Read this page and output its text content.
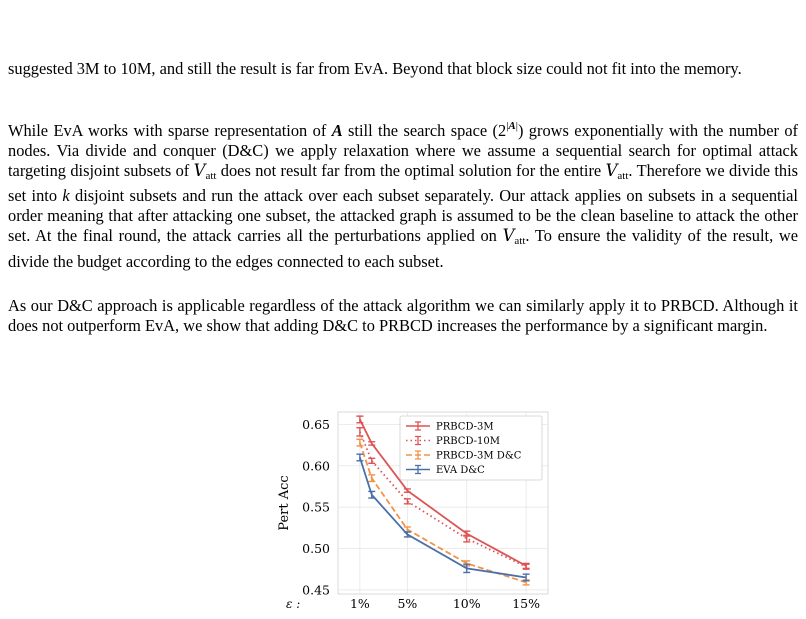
suggested 3M to 10M, and still the result is far from EvA. Beyond that block size could not fit into the memory.

While EvA works with sparse representation of A still the search space $(2^{|A|})$ grows exponentially with the number of nodes. Via divide and conquer (D&C) we apply relaxation where we assume a sequential search for optimal attack targeting disjoint subsets of $V_{att}$ does not result far from the optimal solution for the entire $V_{att}$. Therefore we divide this set into k disjoint subsets and run the attack over each subset separately. Our attack applies on subsets in a sequential order meaning that after attacking one subset, the attacked graph is assumed to be the clean baseline to attack the other set. At the final round, the attack carries all the perturbations applied on $V_{att}$. To ensure the validity of the result, we divide the budget according to the edges connected to each subset.

As our D&C approach is applicable regardless of the attack algorithm we can similarly apply it to PRBCD. Although it does not outperform EvA, we show that adding D&C to PRBCD increases the performance by a significant margin.

0.45
0.50
0.55
0.60
0.65
1% 5%	10%	15%
Pert Acc
ε :
PRBCD-3M
PRBCD-10M
PRBCD-3M D&C
EVA D&C
